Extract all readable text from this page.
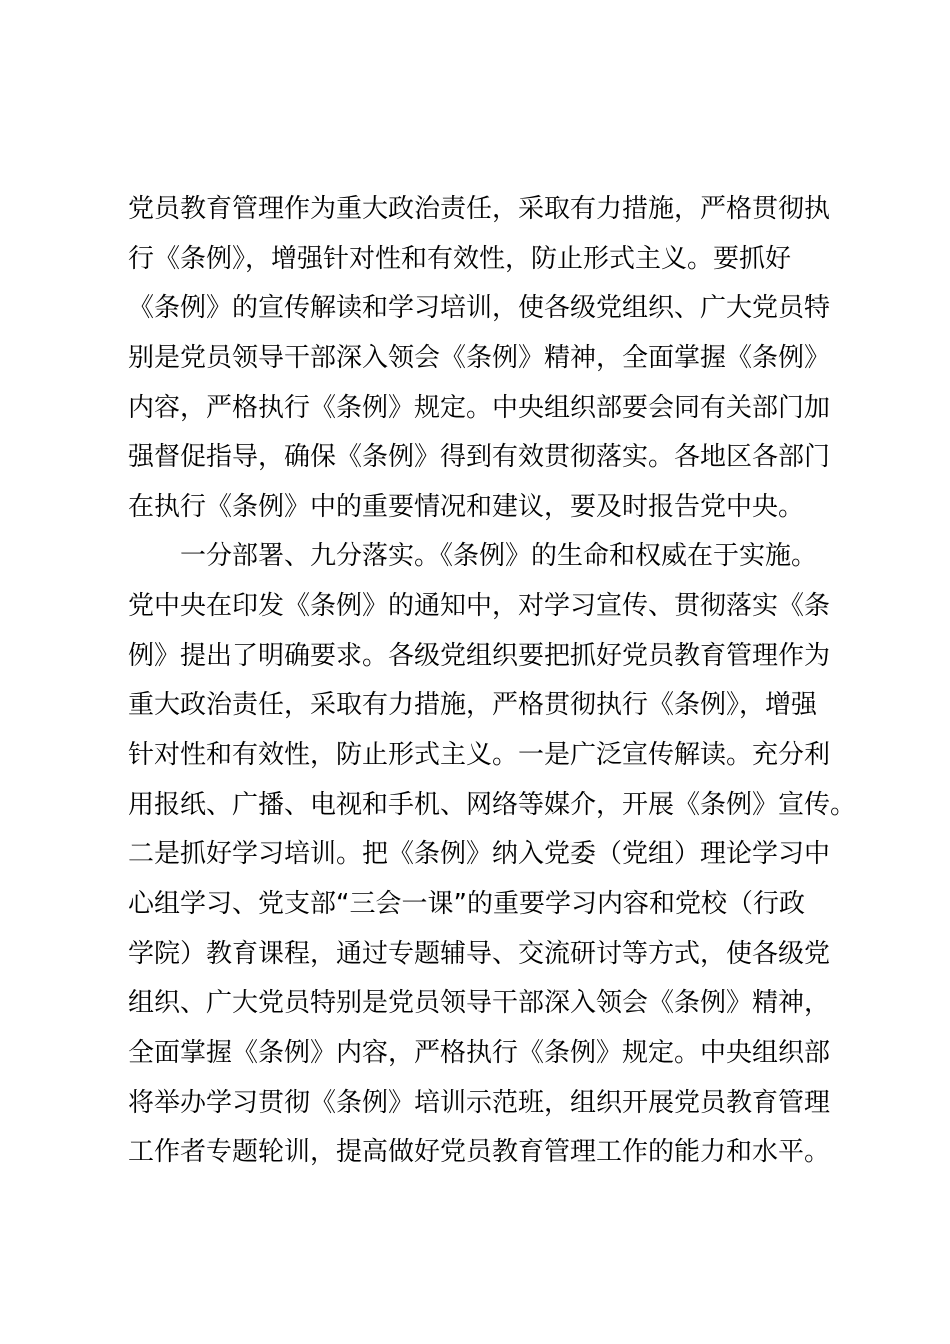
党员教育管理作为重大政治责任，采取有力措施，严格贯彻执
行《条例》，增强针对性和有效性，防止形式主义。要抓好
《条例》的宣传解读和学习培训，使各级党组织、广大党员特
别是党员领导干部深入领会《条例》精神，全面掌握《条例》
内容，严格执行《条例》规定。中央组织部要会同有关部门加
强督促指导，确保《条例》得到有效贯彻落实。各地区各部门
在执行《条例》中的重要情况和建议，要及时报告党中央。
一分部署、九分落实。《条例》的生命和权威在于实施。
党中央在印发《条例》的通知中，对学习宣传、贯彻落实《条
例》提出了明确要求。各级党组织要把抓好党员教育管理作为
重大政治责任，采取有力措施，严格贯彻执行《条例》，增强
针对性和有效性，防止形式主义。一是广泛宣传解读。充分利
用报纸、广播、电视和手机、网络等媒介，开展《条例》宣传。
二是抓好学习培训。把《条例》纳入党委（党组）理论学习中
心组学习、党支部“三会一课”的重要学习内容和党校（行政
学院）教育课程，通过专题辅导、交流研讨等方式，使各级党
组织、广大党员特别是党员领导干部深入领会《条例》精神，
全面掌握《条例》内容，严格执行《条例》规定。中央组织部
将举办学习贯彻《条例》培训示范班，组织开展党员教育管理
工作者专题轮训，提高做好党员教育管理工作的能力和水平。
